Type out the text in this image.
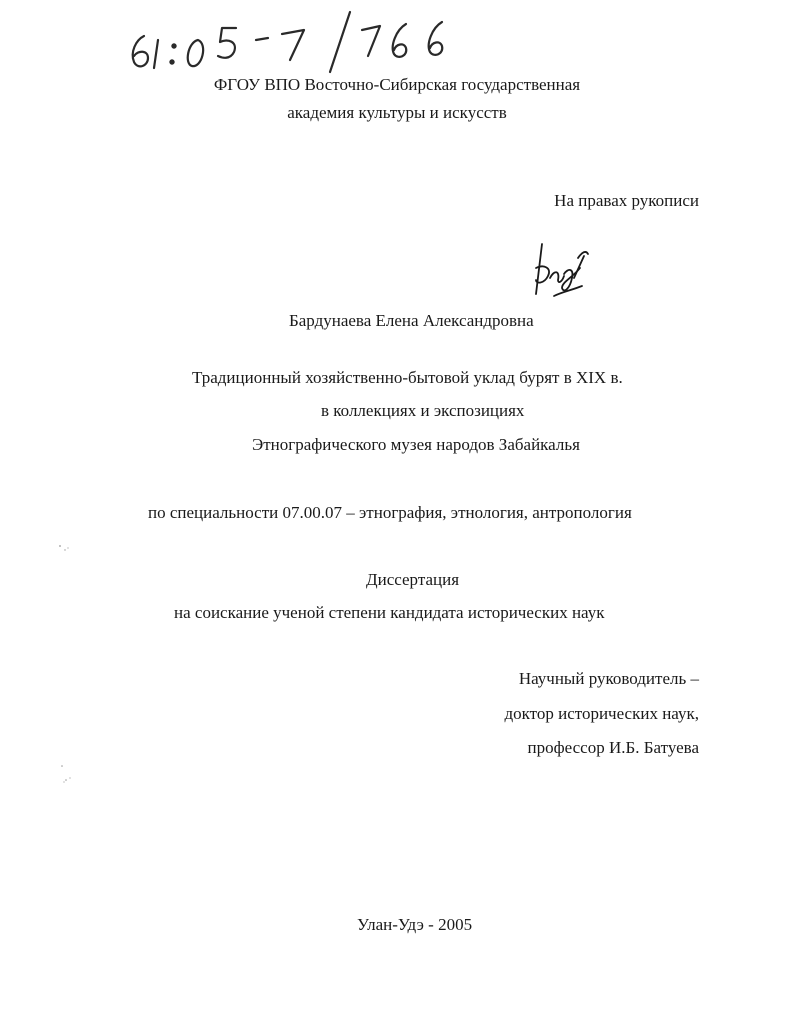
ФГОУ ВПО Восточно-Сибирская государственная
академия культуры и искусств
На правах рукописи
Бардунаева Елена Александровна
Традиционный хозяйственно-бытовой уклад бурят в XIX в.
в коллекциях и экспозициях
Этнографического музея народов Забайкалья
по специальности 07.00.07 – этнография, этнология, антропология
Диссертация
на соискание ученой степени кандидата исторических наук
Научный руководитель –
доктор исторических наук,
профессор И.Б. Батуева
Улан-Удэ - 2005
